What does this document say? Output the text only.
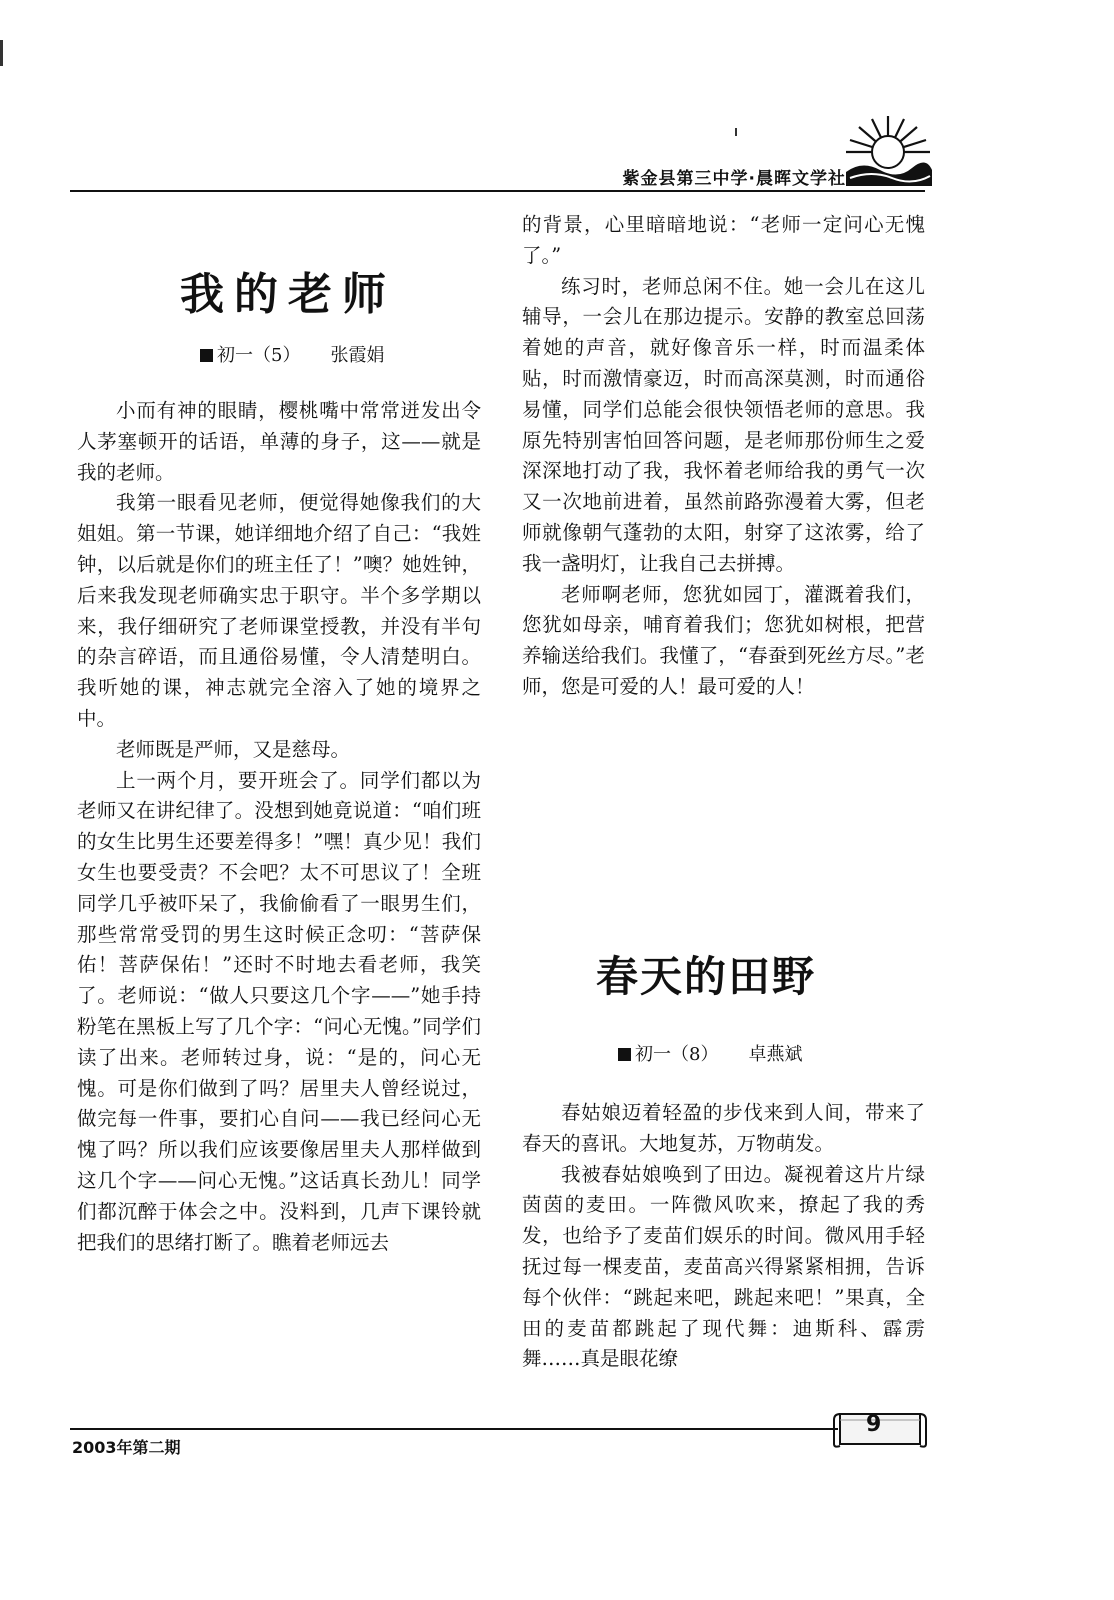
紫金县第三中学·晨晖文学社
我的老师
初一（5） 张霞娟

小而有神的眼睛，樱桃嘴中常常迸发出令人茅塞顿开的话语，单薄的身子，这——就是我的老师。

我第一眼看见老师，便觉得她像我们的大姐姐。第一节课，她详细地介绍了自己：“我姓钟，以后就是你们的班主任了！”噢？她姓钟，后来我发现老师确实忠于职守。半个多学期以来，我仔细研究了老师课堂授教，并没有半句的杂言碎语，而且通俗易懂，令人清楚明白。我听她的课，神志就完全溶入了她的境界之中。

老师既是严师，又是慈母。

上一两个月，要开班会了。同学们都以为老师又在讲纪律了。没想到她竟说道：“咱们班的女生比男生还要差得多！”嘿！真少见！我们女生也要受责？不会吧？太不可思议了！全班同学几乎被吓呆了，我偷偷看了一眼男生们，那些常常受罚的男生这时候正念叨：“菩萨保佑！菩萨保佑！”还时不时地去看老师，我笑了。老师说：“做人只要这几个字——”她手持粉笔在黑板上写了几个字：“问心无愧。”同学们读了出来。老师转过身，说：“是的，问心无愧。可是你们做到了吗？居里夫人曾经说过，做完每一件事，要扪心自问——我已经问心无愧了吗？所以我们应该要像居里夫人那样做到这几个字——问心无愧。”这话真长劲儿！同学们都沉醉于体会之中。没料到，几声下课铃就把我们的思绪打断了。瞧着老师远去

的背景，心里暗暗地说：“老师一定问心无愧了。”

练习时，老师总闲不住。她一会儿在这儿辅导，一会儿在那边提示。安静的教室总回荡着她的声音，就好像音乐一样，时而温柔体贴，时而激情豪迈，时而高深莫测，时而通俗易懂，同学们总能会很快领悟老师的意思。我原先特别害怕回答问题，是老师那份师生之爱深深地打动了我，我怀着老师给我的勇气一次又一次地前进着，虽然前路弥漫着大雾，但老师就像朝气蓬勃的太阳，射穿了这浓雾，给了我一盏明灯，让我自己去拼搏。

老师啊老师，您犹如园丁，灌溉着我们，您犹如母亲，哺育着我们；您犹如树根，把营养输送给我们。我懂了，“春蚕到死丝方尽。”老师，您是可爱的人！最可爱的人！

春天的田野
初一（8） 卓燕斌

春姑娘迈着轻盈的步伐来到人间，带来了春天的喜讯。大地复苏，万物萌发。

我被春姑娘唤到了田边。凝视着这片片绿茵茵的麦田。一阵微风吹来，撩起了我的秀发，也给予了麦苗们娱乐的时间。微风用手轻抚过每一棵麦苗，麦苗高兴得紧紧相拥，告诉每个伙伴：“跳起来吧，跳起来吧！”果真，全田的麦苗都跳起了现代舞：迪斯科、霹雳舞……真是眼花缭

2003年第二期
9
